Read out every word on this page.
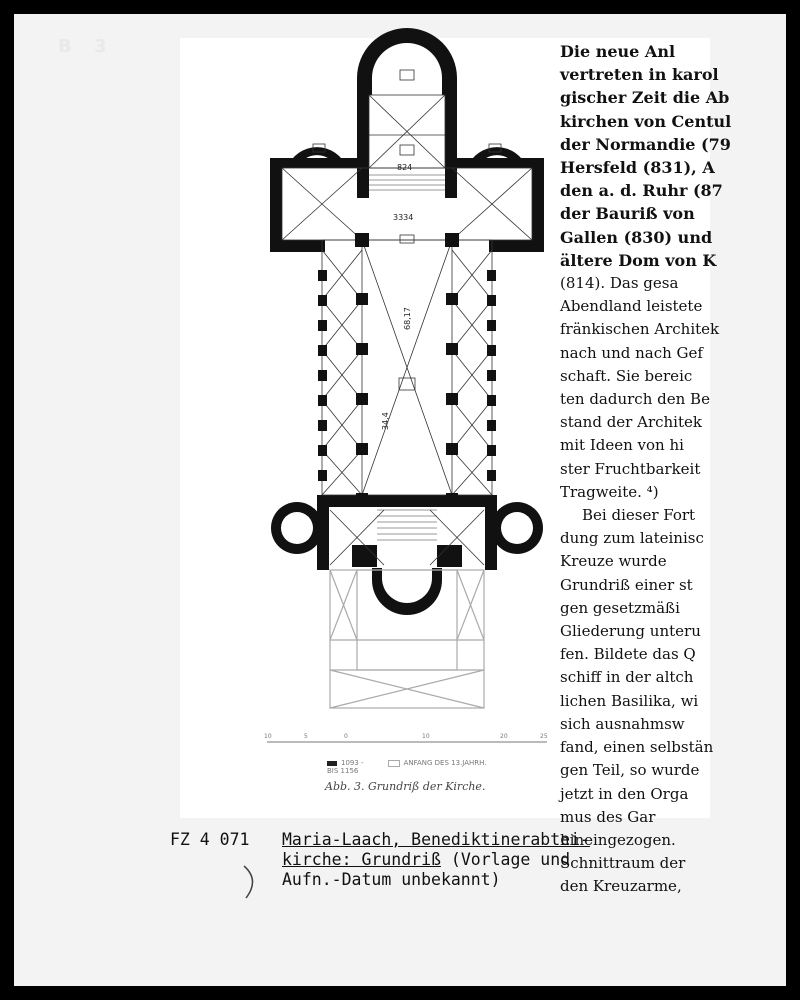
B 3
824
3334
68,17
34,4
10	5	0	10	20	25
1093 -	ANFANG DES 13.JAHRH.
BIS 1156
Abb. 3. Grundriß der Kirche.

Die neue Anl

vertreten in karol

gischer Zeit die Ab

kirchen von Centul

der Normandie (79

Hersfeld (831), A

den a. d. Ruhr (87

der Bauriß von

Gallen (830) und

ältere Dom von K

(814). Das gesa

Abendland leistete

fränkischen Architek

nach und nach Gef

schaft. Sie bereic

ten dadurch den Be

stand der Architek

mit Ideen von hi

ster Fruchtbarkeit

Tragweite. ⁴)

Bei dieser Fort

dung zum lateinisc

Kreuze wurde

Grundriß einer st

gen gesetzmäßi

Gliederung unteru

fen. Bildete das Q

schiff in der altch

lichen Basilika, wi

sich ausnahmsw

fand, einen selbstän

gen Teil, so wurde

jetzt in den Orga

mus des Gar

hineingezogen.

Schnittraum der

den Kreuzarme,

FZ 4 071	Maria-Laach, Benediktinerabtei-
kirche: Grundriß (Vorlage und
Aufn.-Datum unbekannt)
